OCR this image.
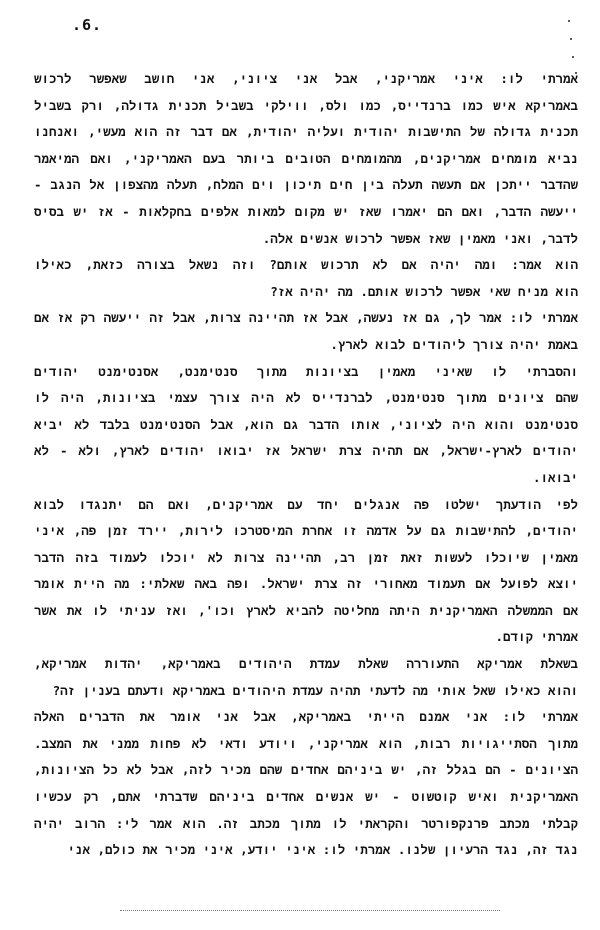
.6.
אמרתי לו: איני אמריקני, אבל אני ציוני, אני חושב שאפשר לרכוש
באמריקא איש כמו ברנדייס, כמו ולס, ווילקי בשביל תכנית גדולה, ורק בשביל
תכנית גדולה של התישבות יהודית ועליה יהודית, אם דבר זה הוא מעשי, ואנחנו
נביא מומחים אמריקנים, מהמומחים הטובים ביותר בעם האמריקני, ואם המיאמר
שהדבר ייתכן אם תעשה תעלה בין חים תיכון וים המלח, תעלה מהצפון אל הנגב -
ייעשה הדבר, ואם הם יאמרו שאז יש מקום למאות אלפים בחקלאות - אז יש בסיס
לדבר, ואני מאמין שאז אפשר לרכוש אנשים אלה.
הוא אמר: ומה יהיה אם לא תרכוש אותם? וזה נשאל בצורה כזאת, כאילו
הוא מניח שאי אפשר לרכוש אותם. מה יהיה אז?
אמרתי לו: אמר לך, גם אז נעשה, אבל אז תהיינה צרות, אבל זה ייעשה רק אז אם
באמת יהיה צורך ליהודים לבוא לארץ.
והסברתי לו שאיני מאמין בציונות מתוך סנטימנט, אסנטימנט יהודים
שהם ציונים מתוך סנטימנט, לברנדייס לא היה צורך עצמי בציונות, היה לו
סנטימנט והוא היה לציוני, אותו הדבר גם הוא, אבל הסנטימנט בלבד לא יביא
יהודים לארץ-ישראל, אם תהיה צרת ישראל אז יבואו יהודים לארץ, ולא - לא
יבואו.
לפי הודעתך ישלטו פה אנגלים יחד עם אמריקנים, ואם הם יתנגדו לבוא
יהודים, להתישבות גם על אדמה זו אחרת המיסטרכו לירות, יירד זמן פה, איני
מאמין שיוכלו לעשות זאת זמן רב, תהיינה צרות לא יוכלו לעמוד בזה הדבר
יוצא לפועל אם תעמוד מאחורי זה צרת ישראל. ופה באה שאלתי: מה היית אומר
אם הממשלה האמריקנית היתה מחליטה להביא לארץ וכו', ואז עניתי לו את אשר
אמרתי קודם.
בשאלת אמריקא התעוררה שאלת עמדת היהודים באמריקא, יהדות אמריקא,
והוא כאילו שאל אותי מה לדעתי תהיה עמדת היהודים באמריקא ודעתם בענין זה?
אמרתי לו: אני אמנם הייתי באמריקא, אבל אני אומר את הדברים האלה
מתוך הסתייגויות רבות, הוא אמריקני, ויודע ודאי לא פחות ממני את המצב.
הציונים - הם בגלל זה, יש ביניהם אחדים שהם מכיר לזה, אבל לא כל הציונות,
האמריקנית ואיש קוטשוט - יש אנשים אחדים ביניהם שדברתי אתם, רק עכשיו
קבלתי מכתב פרנקפורטר והקראתי לו מתוך מכתב זה. הוא אמר לי: הרוב יהיה
נגד זה, נגד הרעיון שלנו. אמרתי לו: איני יודע, איני מכיר את כולם, אני
